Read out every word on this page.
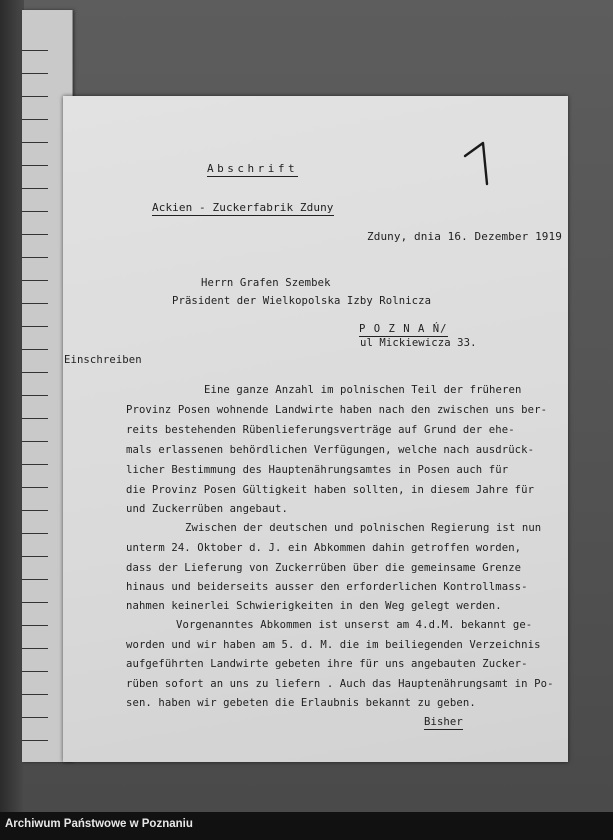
Abschrift
Ackien - Zuckerfabrik Zduny
Zduny, dnia 16. Dezember 1919
Herrn Grafen Szembek
Präsident der Wielkopolska Izby Rolnicza
P O Z N A Ń/
ul Mickiewicza 33.
Einschreiben
Eine ganze Anzahl im polnischen Teil der früheren
Provinz Posen wohnende Landwirte haben nach den zwischen uns ber-
reits bestehenden Rübenlieferungsverträge auf Grund der ehe-
mals erlassenen behördlichen Verfügungen, welche nach ausdrück-
licher Bestimmung des Hauptenährungsamtes in Posen auch für
die Provinz Posen Gültigkeit haben sollten, in diesem Jahre für
und Zuckerrüben angebaut.
Zwischen der deutschen und polnischen Regierung ist nun
unterm 24. Oktober d. J. ein Abkommen dahin getroffen worden,
dass der Lieferung von Zuckerrüben über die gemeinsame Grenze
hinaus und beiderseits ausser den erforderlichen Kontrollmass-
nahmen keinerlei Schwierigkeiten in den Weg gelegt werden.
Vorgenanntes Abkommen ist unserst am 4.d.M. bekannt ge-
worden und wir haben am 5. d. M. die im beiliegenden Verzeichnis
aufgeführten Landwirte gebeten ihre für uns angebauten Zucker-
rüben sofort an uns zu liefern . Auch das Hauptenährungsamt in Po-
sen. haben wir gebeten die Erlaubnis bekannt zu geben.
Bisher
Archiwum Państwowe w Poznaniu
